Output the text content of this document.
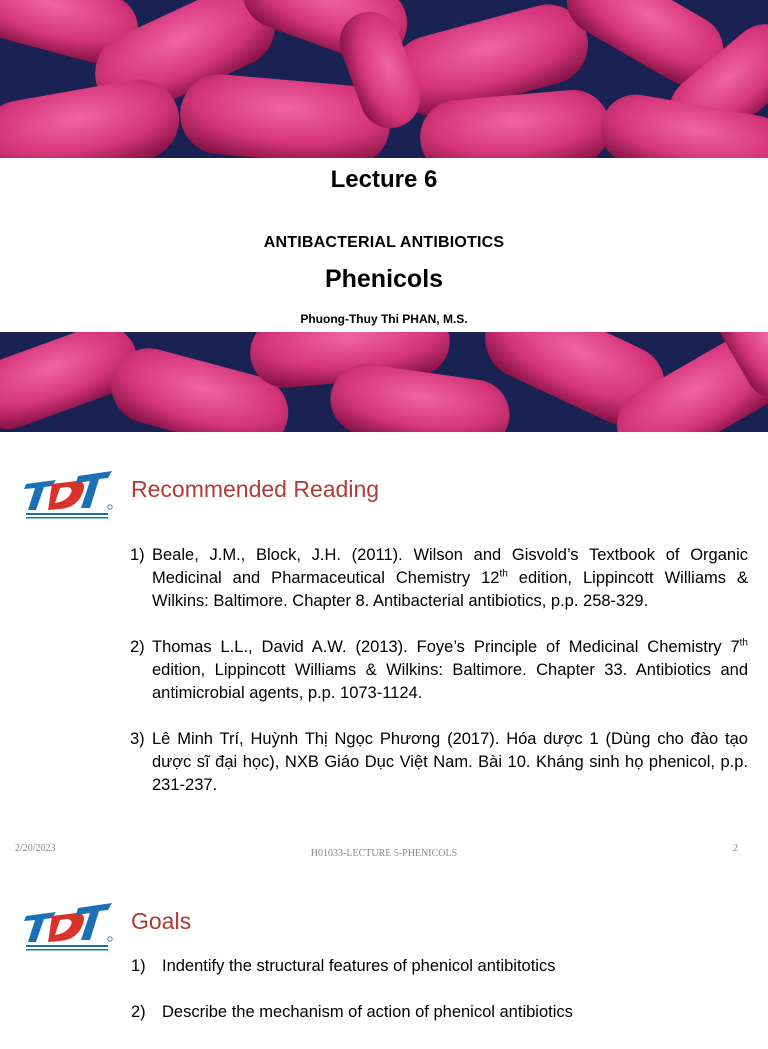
Lecture 6
ANTIBACTERIAL ANTIBIOTICS
Phenicols
Phuong-Thuy Thi PHAN, M.S.
Recommended Reading
1) Beale, J.M., Block, J.H. (2011). Wilson and Gisvold’s Textbook of Organic Medicinal and Pharmaceutical Chemistry 12th edition, Lippincott Williams & Wilkins: Baltimore. Chapter 8. Antibacterial antibiotics, p.p. 258-329.
2) Thomas L.L., David A.W. (2013). Foye’s Principle of Medicinal Chemistry 7th edition, Lippincott Williams & Wilkins: Baltimore. Chapter 33. Antibiotics and antimicrobial agents, p.p. 1073-1124.
3) Lê Minh Trí, Huỳnh Thị Ngọc Phương (2017). Hóa dược 1 (Dùng cho đào tạo dược sĩ đại học), NXB Giáo Dục Việt Nam. Bài 10. Kháng sinh họ phenicol, p.p. 231-237.
2/20/2023	H01033-LECTURE 5-PHENICOLS	2
Goals
1) Indentify the structural features of phenicol antibitotics
2) Describe the mechanism of action of phenicol antibiotics
